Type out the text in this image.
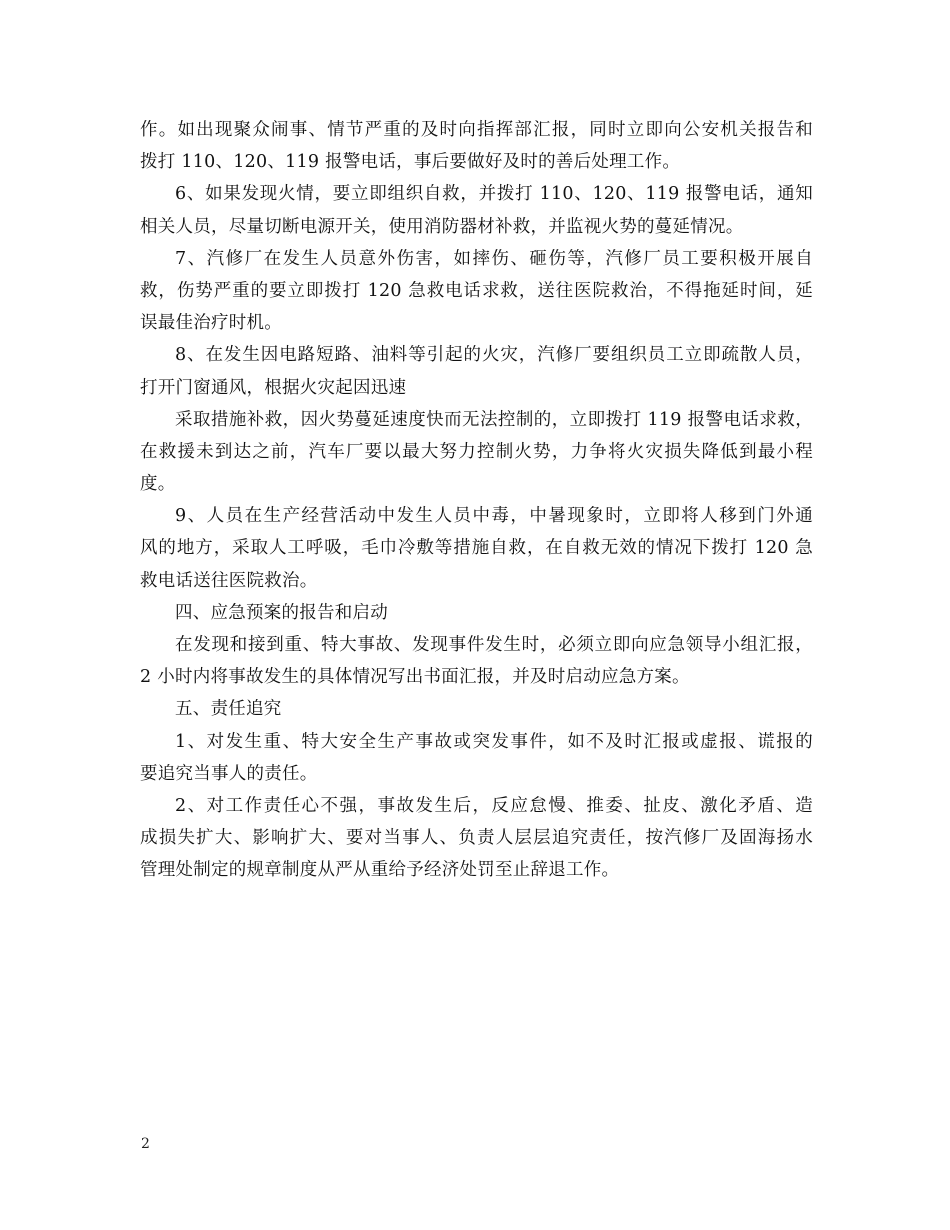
作。如出现聚众闹事、情节严重的及时向指挥部汇报，同时立即向公安机关报告和
拨打 110、120、119 报警电话，事后要做好及时的善后处理工作。
6、如果发现火情，要立即组织自救，并拨打 110、120、119 报警电话，通知
相关人员，尽量切断电源开关，使用消防器材补救，并监视火势的蔓延情况。
7、汽修厂在发生人员意外伤害，如摔伤、砸伤等，汽修厂员工要积极开展自
救，伤势严重的要立即拨打 120 急救电话求救，送往医院救治，不得拖延时间，延
误最佳治疗时机。
8、在发生因电路短路、油料等引起的火灾，汽修厂要组织员工立即疏散人员，
打开门窗通风，根据火灾起因迅速
采取措施补救，因火势蔓延速度快而无法控制的，立即拨打 119 报警电话求救，
在救援未到达之前，汽车厂要以最大努力控制火势，力争将火灾损失降低到最小程
度。
9、人员在生产经营活动中发生人员中毒，中暑现象时，立即将人移到门外通
风的地方，采取人工呼吸，毛巾冷敷等措施自救，在自救无效的情况下拨打 120 急
救电话送往医院救治。
四、应急预案的报告和启动
在发现和接到重、特大事故、发现事件发生时，必须立即向应急领导小组汇报，
2 小时内将事故发生的具体情况写出书面汇报，并及时启动应急方案。
五、责任追究
1、对发生重、特大安全生产事故或突发事件，如不及时汇报或虚报、谎报的
要追究当事人的责任。
2、对工作责任心不强，事故发生后，反应怠慢、推委、扯皮、激化矛盾、造
成损失扩大、影响扩大、要对当事人、负责人层层追究责任，按汽修厂及固海扬水
管理处制定的规章制度从严从重给予经济处罚至止辞退工作。
2
